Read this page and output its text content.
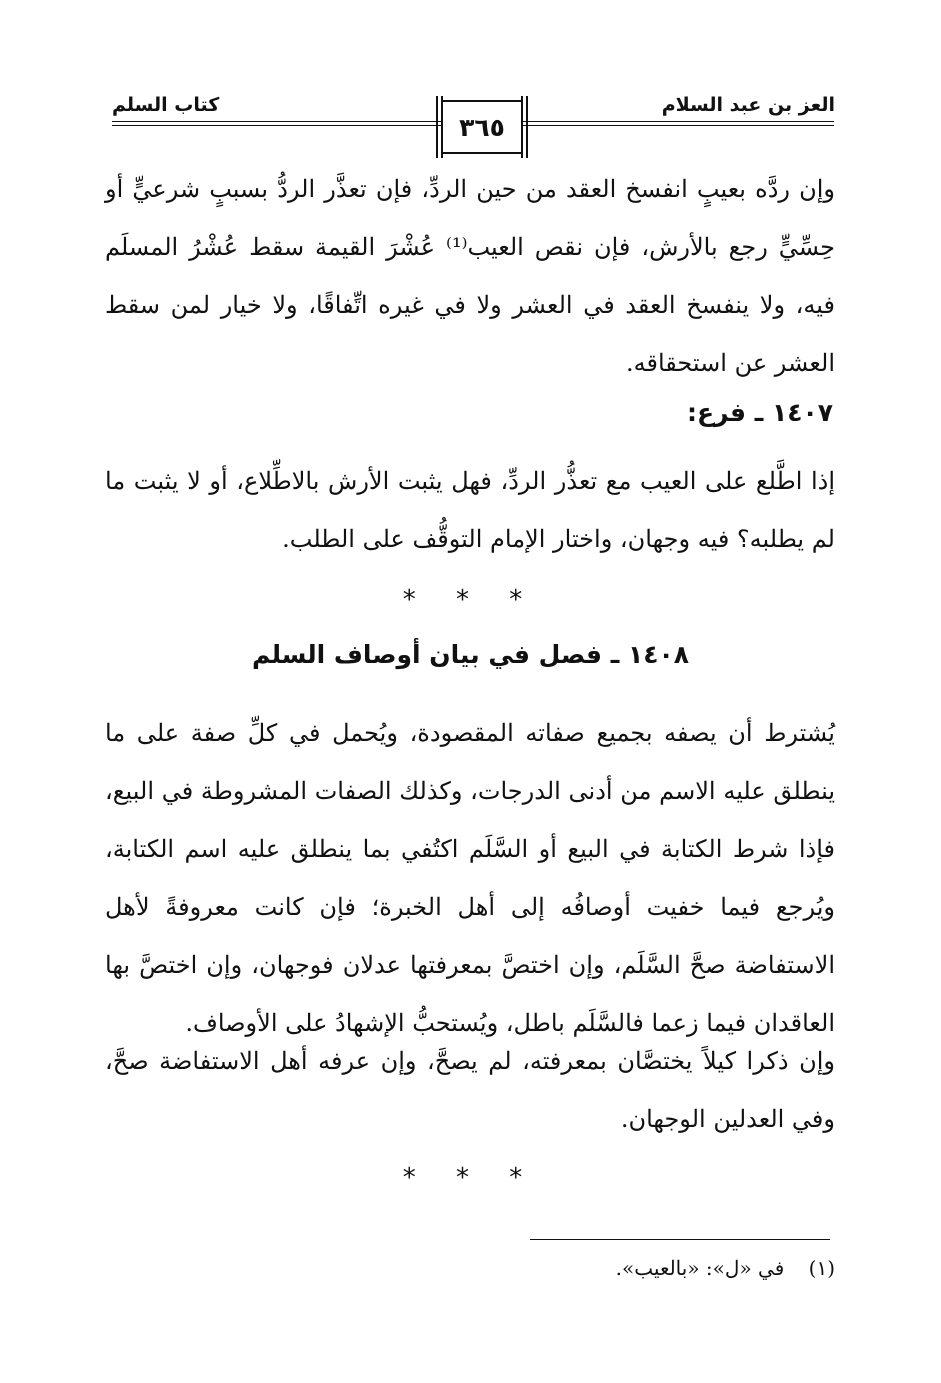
العز بن عبد السلام
كتاب السلم
٣٦٥
وإن ردَّه بعيبٍ انفسخ العقد من حين الردِّ، فإن تعذَّر الردُّ بسببٍ شرعيٍّ أو حِسِّيٍّ رجع بالأرش، فإن نقص العيب⁽¹⁾ عُشْرَ القيمة سقط عُشْرُ المسلَم فيه، ولا ينفسخ العقد في العشر ولا في غيره اتِّفاقًا، ولا خيار لمن سقط العشر عن استحقاقه.
١٤٠٧ ـ فرع:
إذا اطَّلع على العيب مع تعذُّر الردِّ، فهل يثبت الأرش بالاطِّلاع، أو لا يثبت ما لم يطلبه؟ فيه وجهان، واختار الإمام التوقُّف على الطلب.
* * *
١٤٠٨ ـ فصل في بيان أوصاف السلم
يُشترط أن يصفه بجميع صفاته المقصودة، ويُحمل في كلِّ صفة على ما ينطلق عليه الاسم من أدنى الدرجات، وكذلك الصفات المشروطة في البيع، فإذا شرط الكتابة في البيع أو السَّلَم اكتُفي بما ينطلق عليه اسم الكتابة، ويُرجع فيما خفيت أوصافُه إلى أهل الخبرة؛ فإن كانت معروفةً لأهل الاستفاضة صحَّ السَّلَم، وإن اختصَّ بمعرفتها عدلان فوجهان، وإن اختصَّ بها العاقدان فيما زعما فالسَّلَم باطل، ويُستحبُّ الإشهادُ على الأوصاف.
وإن ذكرا كيلاً يختصَّان بمعرفته، لم يصحَّ، وإن عرفه أهل الاستفاضة صحَّ، وفي العدلين الوجهان.
* * *
(١) في «ل»: «بالعيب».
